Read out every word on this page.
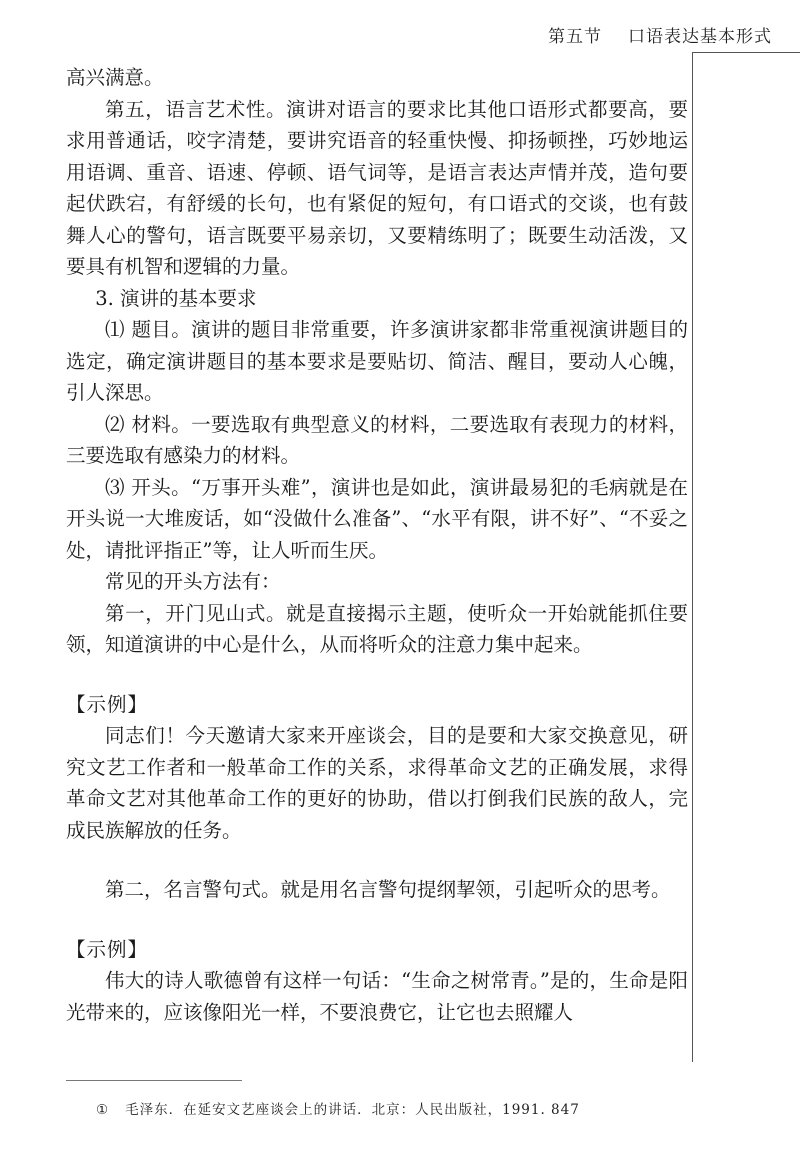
第五节 口语表达基本形式

高兴满意。

第五，语言艺术性。演讲对语言的要求比其他口语形式都要高，要求用普通话，咬字清楚，要讲究语音的轻重快慢、抑扬顿挫，巧妙地运用语调、重音、语速、停顿、语气词等，是语言表达声情并茂，造句要起伏跌宕，有舒缓的长句，也有紧促的短句，有口语式的交谈，也有鼓舞人心的警句，语言既要平易亲切，又要精练明了；既要生动活泼，又要具有机智和逻辑的力量。

3. 演讲的基本要求

⑴ 题目。演讲的题目非常重要，许多演讲家都非常重视演讲题目的选定，确定演讲题目的基本要求是要贴切、简洁、醒目，要动人心魄，引人深思。

⑵ 材料。一要选取有典型意义的材料，二要选取有表现力的材料，三要选取有感染力的材料。

⑶ 开头。“万事开头难”，演讲也是如此，演讲最易犯的毛病就是在开头说一大堆废话，如“没做什么准备”、“水平有限，讲不好”、“不妥之处，请批评指正”等，让人听而生厌。

常见的开头方法有：

第一，开门见山式。就是直接揭示主题，使听众一开始就能抓住要领，知道演讲的中心是什么，从而将听众的注意力集中起来。

【示例】

同志们！今天邀请大家来开座谈会，目的是要和大家交换意见，研究文艺工作者和一般革命工作的关系，求得革命文艺的正确发展，求得革命文艺对其他革命工作的更好的协助，借以打倒我们民族的敌人，完成民族解放的任务。

第二，名言警句式。就是用名言警句提纲挈领，引起听众的思考。

【示例】

伟大的诗人歌德曾有这样一句话：“生命之树常青。”是的，生命是阳光带来的，应该像阳光一样，不要浪费它，让它也去照耀人

① 毛泽东．在延安文艺座谈会上的讲话．北京：人民出版社，1991. 847
